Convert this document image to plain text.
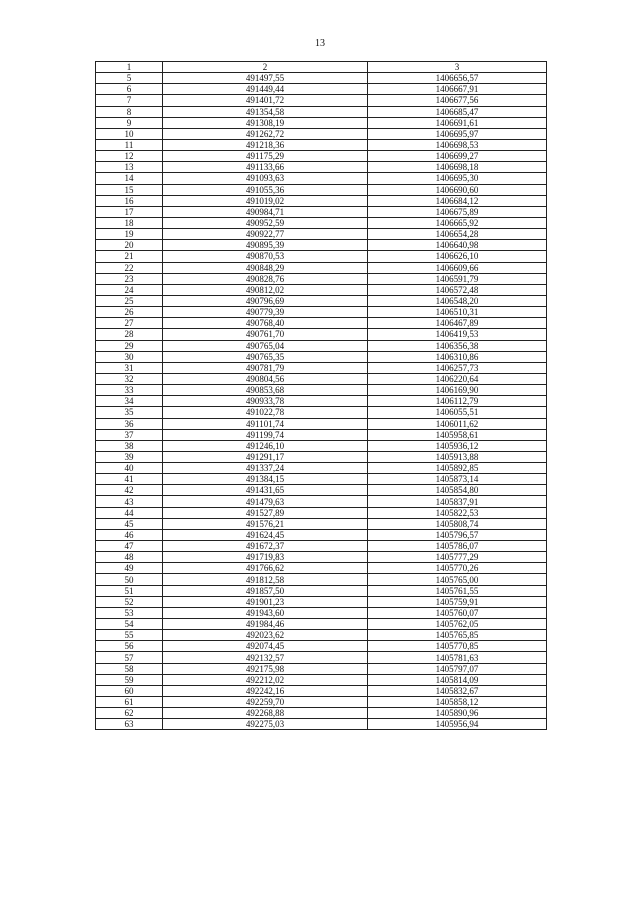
13
1	2	3
5	491497,55	1406656,57
6	491449,44	1406667,91
7	491401,72	1406677,56
8	491354,58	1406685,47
9	491308,19	1406691,61
10	491262,72	1406695,97
11	491218,36	1406698,53
12	491175,29	1406699,27
13	491133,66	1406698,18
14	491093,63	1406695,30
15	491055,36	1406690,60
16	491019,02	1406684,12
17	490984,71	1406675,89
18	490952,59	1406665,92
19	490922,77	1406654,28
20	490895,39	1406640,98
21	490870,53	1406626,10
22	490848,29	1406609,66
23	490828,76	1406591,79
24	490812,02	1406572,48
25	490796,69	1406548,20
26	490779,39	1406510,31
27	490768,40	1406467,89
28	490761,70	1406419,53
29	490765,04	1406356,38
30	490765,35	1406310,86
31	490781,79	1406257,73
32	490804,56	1406220,64
33	490853,68	1406169,90
34	490933,78	1406112,79
35	491022,78	1406055,51
36	491101,74	1406011,62
37	491199,74	1405958,61
38	491246,10	1405936,12
39	491291,17	1405913,88
40	491337,24	1405892,85
41	491384,15	1405873,14
42	491431,65	1405854,80
43	491479,63	1405837,91
44	491527,89	1405822,53
45	491576,21	1405808,74
46	491624,45	1405796,57
47	491672,37	1405786,07
48	491719,83	1405777,29
49	491766,62	1405770,26
50	491812,58	1405765,00
51	491857,50	1405761,55
52	491901,23	1405759,91
53	491943,60	1405760,07
54	491984,46	1405762,05
55	492023,62	1405765,85
56	492074,45	1405770,85
57	492132,57	1405781,63
58	492175,98	1405797,07
59	492212,02	1405814,09
60	492242,16	1405832,67
61	492259,70	1405858,12
62	492268,88	1405890,96
63	492275,03	1405956,94
